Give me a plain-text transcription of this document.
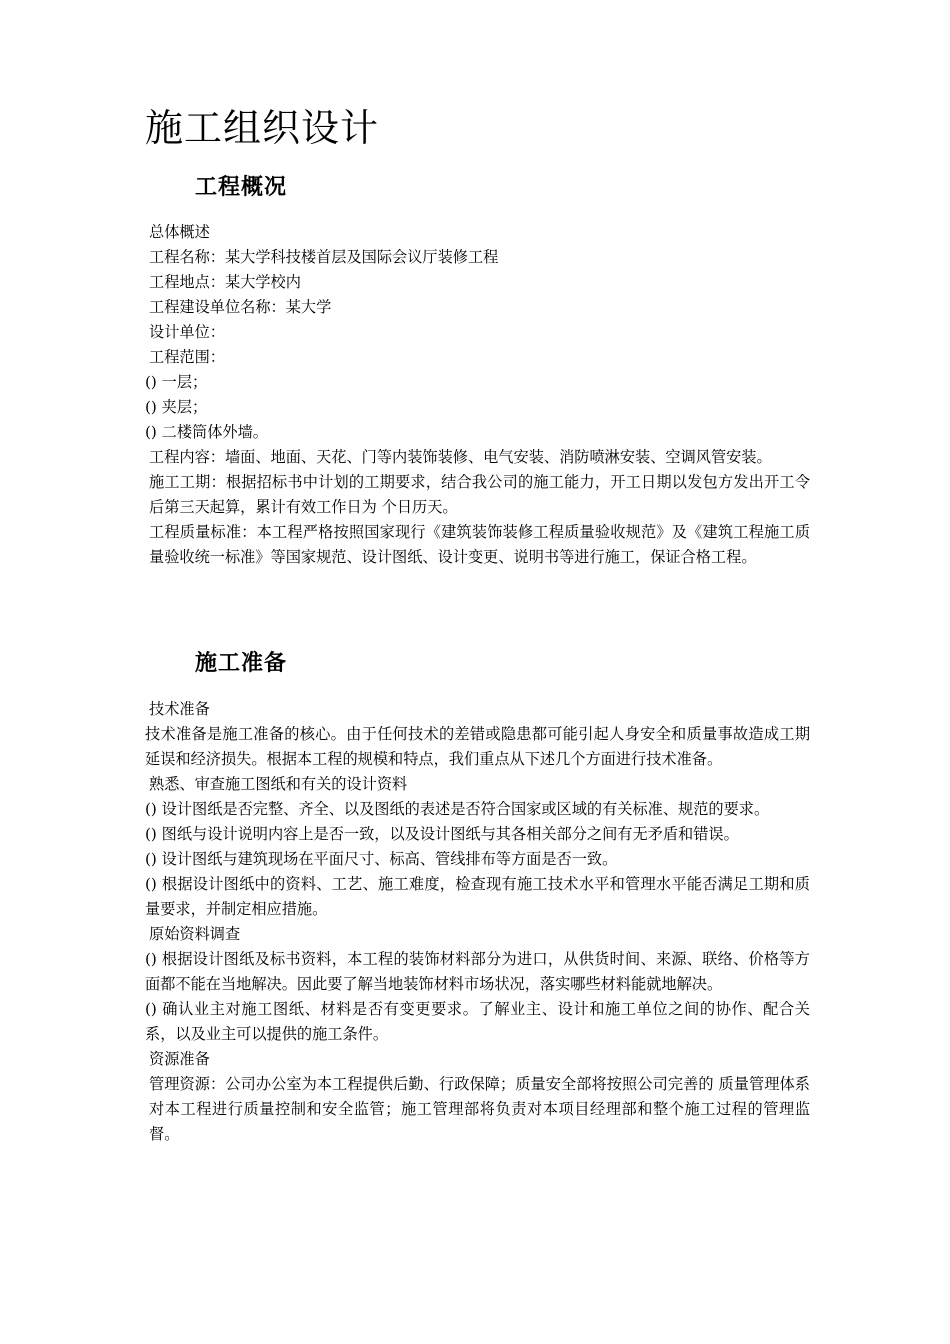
施工组织设计
工程概况

总体概述

工程名称：某大学科技楼首层及国际会议厅装修工程

工程地点：某大学校内

工程建设单位名称：某大学

设计单位：

工程范围：

() 一层；

() 夹层；

() 二楼筒体外墙。

工程内容：墙面、地面、天花、门等内装饰装修、电气安装、消防喷淋安装、空调风管安装。

施工工期：根据招标书中计划的工期要求，结合我公司的施工能力，开工日期以发包方发出开工令后第三天起算，累计有效工作日为 个日历天。

工程质量标准：本工程严格按照国家现行《建筑装饰装修工程质量验收规范》及《建筑工程施工质量验收统一标准》等国家规范、设计图纸、设计变更、说明书等进行施工，保证合格工程。

施工准备

技术准备

技术准备是施工准备的核心。由于任何技术的差错或隐患都可能引起人身安全和质量事故造成工期延误和经济损失。根据本工程的规模和特点，我们重点从下述几个方面进行技术准备。

熟悉、审查施工图纸和有关的设计资料

() 设计图纸是否完整、齐全、以及图纸的表述是否符合国家或区域的有关标准、规范的要求。

() 图纸与设计说明内容上是否一致，以及设计图纸与其各相关部分之间有无矛盾和错误。

() 设计图纸与建筑现场在平面尺寸、标高、管线排布等方面是否一致。

() 根据设计图纸中的资料、工艺、施工难度，检查现有施工技术水平和管理水平能否满足工期和质量要求，并制定相应措施。

原始资料调查

() 根据设计图纸及标书资料，本工程的装饰材料部分为进口，从供货时间、来源、联络、价格等方面都不能在当地解决。因此要了解当地装饰材料市场状况，落实哪些材料能就地解决。

() 确认业主对施工图纸、材料是否有变更要求。了解业主、设计和施工单位之间的协作、配合关系，以及业主可以提供的施工条件。

资源准备

管理资源：公司办公室为本工程提供后勤、行政保障；质量安全部将按照公司完善的 质量管理体系对本工程进行质量控制和安全监管；施工管理部将负责对本项目经理部和整个施工过程的管理监督。
